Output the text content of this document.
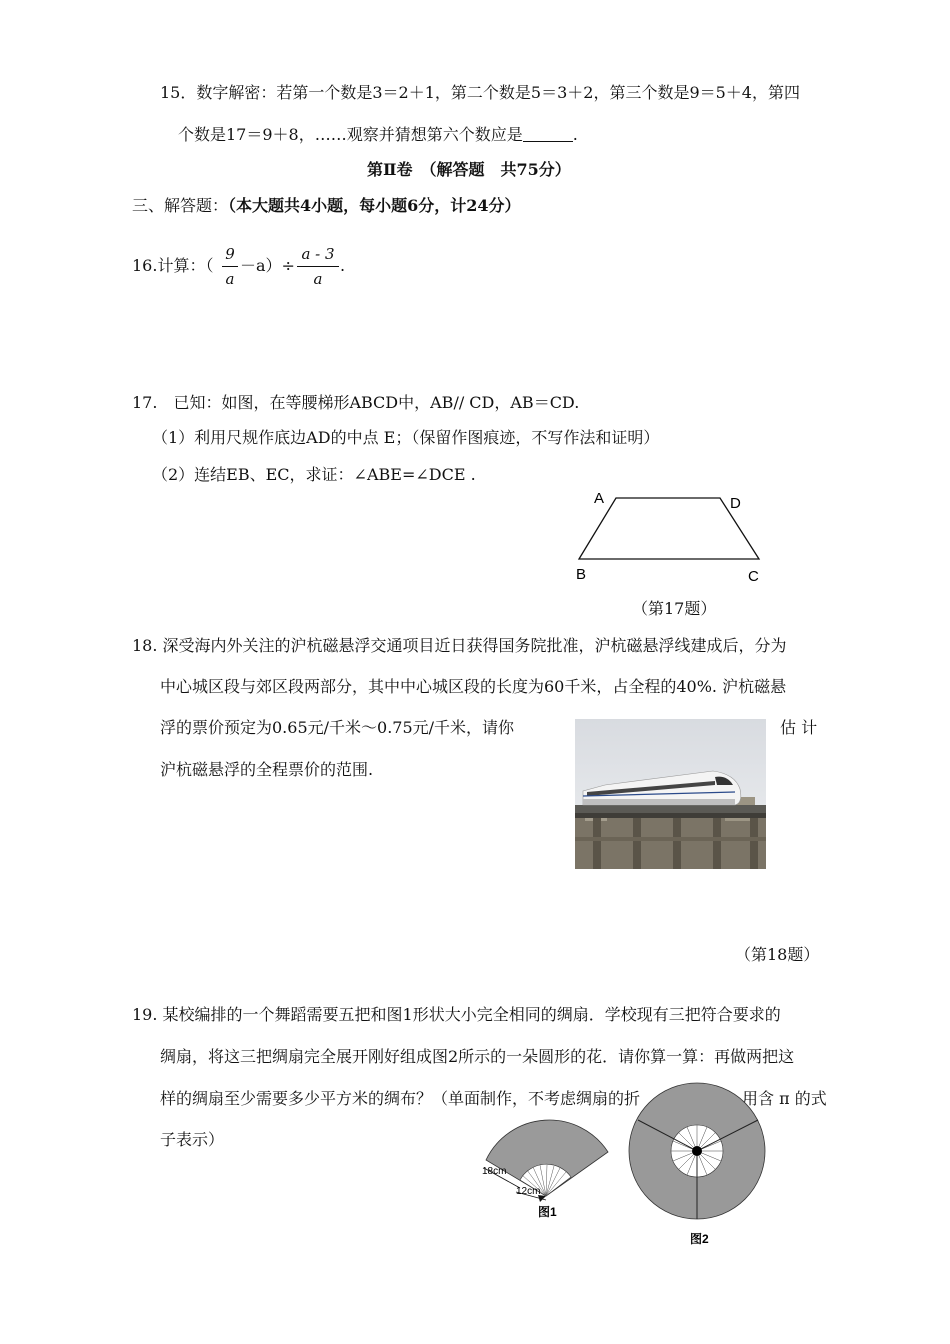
15．数字解密：若第一个数是3＝2＋1，第二个数是5＝3＋2，第三个数是9＝5＋4，第四
个数是17＝9＋8，……观察并猜想第六个数应是	.
第Ⅱ卷　（解答题　共75分）
三、解答题：（本大题共4小题，每小题6分，计24分）
16.计算：（
9
a
－a）÷
a - 3
a
.
17.　已知：如图，在等腰梯形ABCD中，AB// CD，AB＝CD.
（1）利用尺规作底边AD的中点 E；（保留作图痕迹，不写作法和证明）
（2）连结EB、EC，求证：∠ABE=∠DCE .
A	D
B	C
（第17题）
18. 深受海内外关注的沪杭磁悬浮交通项目近日获得国务院批准，沪杭磁悬浮线建成后，分为
中心城区段与郊区段两部分，其中中心城区段的长度为60千米，占全程的40%. 沪杭磁悬
浮的票价预定为0.65元/千米～0.75元/千米，请你	估 计
沪杭磁悬浮的全程票价的范围.
（第18题）
19. 某校编排的一个舞蹈需要五把和图1形状大小完全相同的绸扇．学校现有三把符合要求的
绸扇，将这三把绸扇完全展开刚好组成图2所示的一朵圆形的花．请你算一算：再做两把这
样的绸扇至少需要多少平方米的绸布？（单面制作，不考虑绸扇的折	用含 π 的式
子表示）
18cm
12cm
图1
图2
